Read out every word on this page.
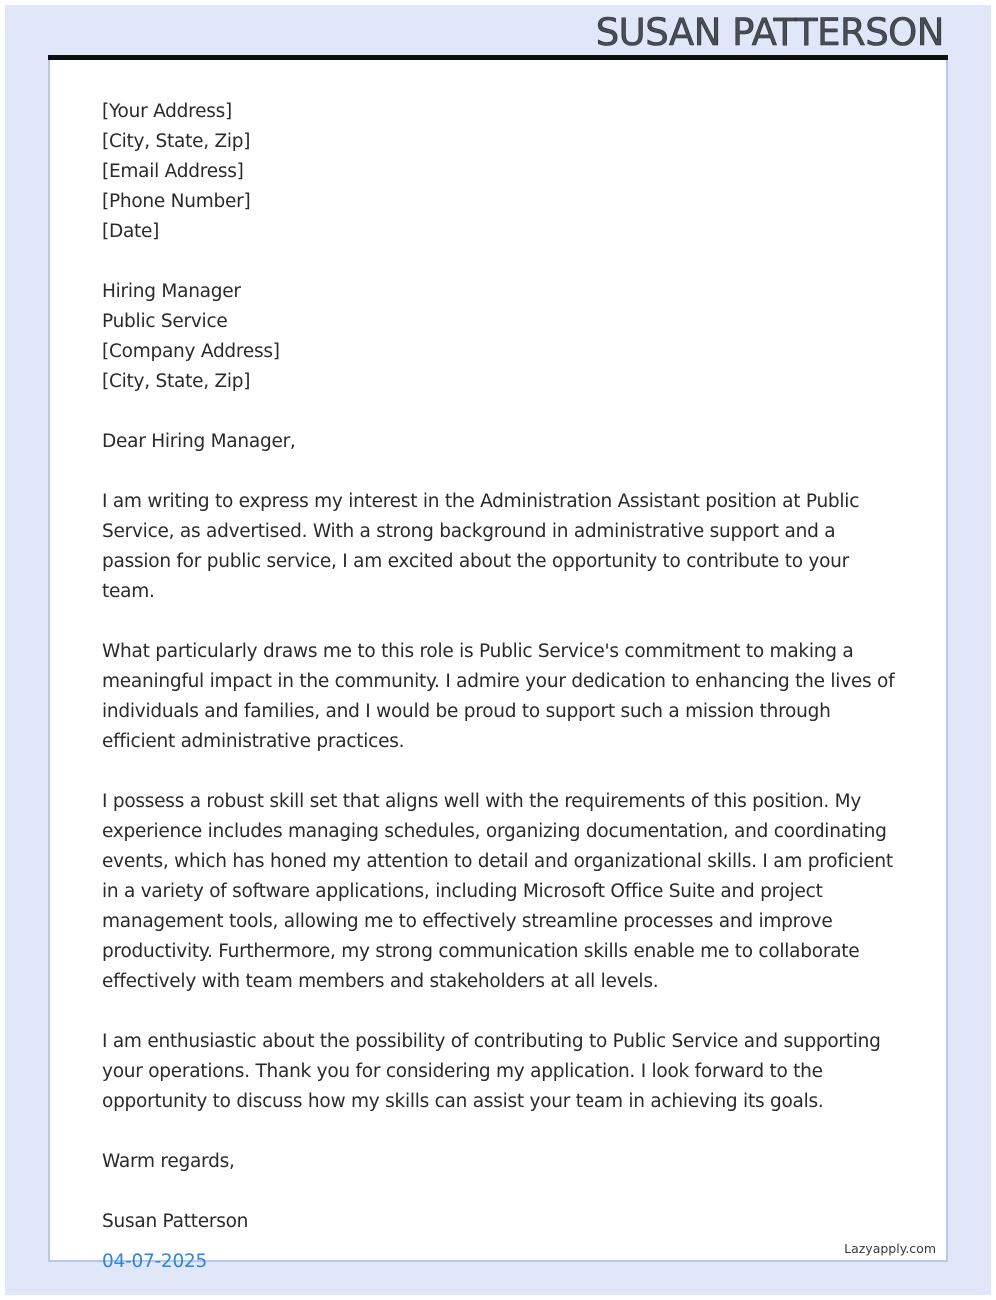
SUSAN PATTERSON
[Your Address]
[City, State, Zip]
[Email Address]
[Phone Number]
[Date]
Hiring Manager
Public Service
[Company Address]
[City, State, Zip]
Dear Hiring Manager,

I am writing to express my interest in the Administration Assistant position at Public Service, as advertised. With a strong background in administrative support and a passion for public service, I am excited about the opportunity to contribute to your team.

What particularly draws me to this role is Public Service's commitment to making a meaningful impact in the community. I admire your dedication to enhancing the lives of individuals and families, and I would be proud to support such a mission through efficient administrative practices.

I possess a robust skill set that aligns well with the requirements of this position. My experience includes managing schedules, organizing documentation, and coordinating events, which has honed my attention to detail and organizational skills. I am proficient in a variety of software applications, including Microsoft Office Suite and project management tools, allowing me to effectively streamline processes and improve productivity. Furthermore, my strong communication skills enable me to collaborate effectively with team members and stakeholders at all levels.

I am enthusiastic about the possibility of contributing to Public Service and supporting your operations. Thank you for considering my application. I look forward to the opportunity to discuss how my skills can assist your team in achieving its goals.

Warm regards,
Susan Patterson
04-07-2025
Lazyapply.com
